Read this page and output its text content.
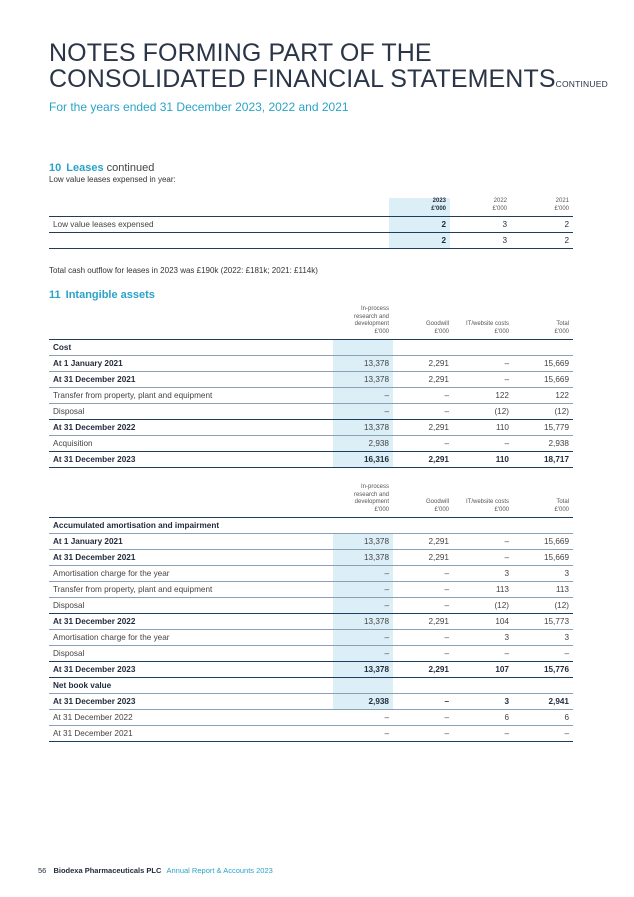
NOTES FORMING PART OF THE
CONSOLIDATED FINANCIAL STATEMENTSCONTINUED
For the years ended 31 December 2023, 2022 and 2021
10 Leases continued
Low value leases expensed in year:
	2023
£'000	2022
£'000	2021
£'000
Low value leases expensed	2	3	2
	2	3	2
Total cash outflow for leases in 2023 was £190k (2022: £181k; 2021: £114k)
11 Intangible assets
	In-process
research and
development
£'000	Goodwill
£'000	IT/website costs
£'000	Total
£'000
Cost				
At 1 January 2021	13,378	2,291	–	15,669
At 31 December 2021	13,378	2,291	–	15,669
Transfer from property, plant and equipment	–	–	122	122
Disposal	–	–	(12)	(12)
At 31 December 2022	13,378	2,291	110	15,779
Acquisition	2,938	–	–	2,938
At 31 December 2023	16,316	2,291	110	18,717
	In-process
research and
development
£'000	Goodwill
£'000	IT/website costs
£'000	Total
£'000
Accumulated amortisation and impairment				
At 1 January 2021	13,378	2,291	–	15,669
At 31 December 2021	13,378	2,291	–	15,669
Amortisation charge for the year	–	–	3	3
Transfer from property, plant and equipment	–	–	113	113
Disposal	–	–	(12)	(12)
At 31 December 2022	13,378	2,291	104	15,773
Amortisation charge for the year	–	–	3	3
Disposal	–	–	–	–
At 31 December 2023	13,378	2,291	107	15,776
Net book value				
At 31 December 2023	2,938	–	3	2,941
At 31 December 2022	–	–	6	6
At 31 December 2021	–	–	–	–
56 Biodexa Pharmaceuticals PLC Annual Report & Accounts 2023
